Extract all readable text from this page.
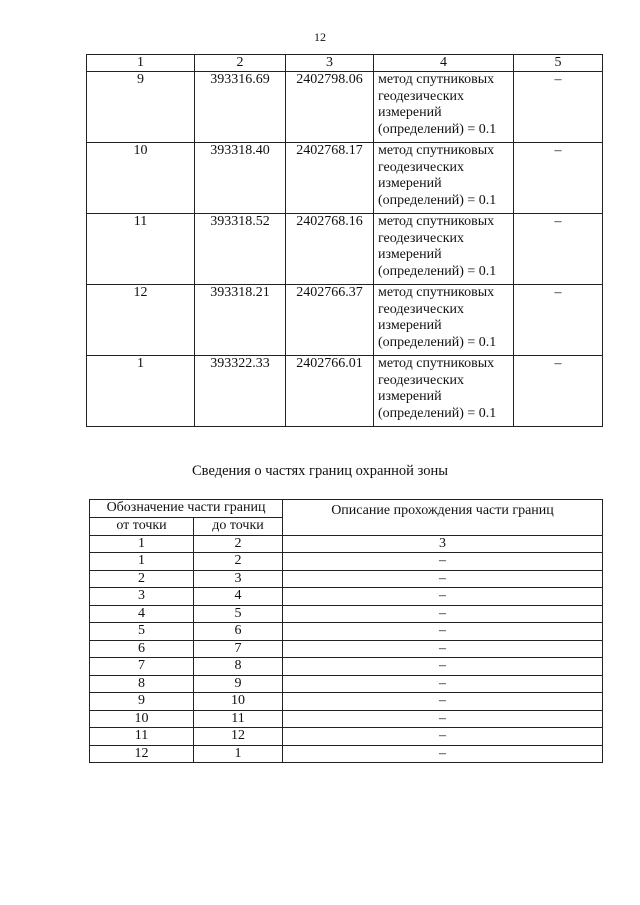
12
1	2	3	4	5
9	393316.69	2402798.06	метод спутниковых
геодезических
измерений
(определений) = 0.1	–
10	393318.40	2402768.17	метод спутниковых
геодезических
измерений
(определений) = 0.1	–
11	393318.52	2402768.16	метод спутниковых
геодезических
измерений
(определений) = 0.1	–
12	393318.21	2402766.37	метод спутниковых
геодезических
измерений
(определений) = 0.1	–
1	393322.33	2402766.01	метод спутниковых
геодезических
измерений
(определений) = 0.1	–
Сведения о частях границ охранной зоны
Обозначение части границ		Описание прохождения части границ
от точки	до точки	
1	2	3
1	2	–
2	3	–
3	4	–
4	5	–
5	6	–
6	7	–
7	8	–
8	9	–
9	10	–
10	11	–
11	12	–
12	1	–
